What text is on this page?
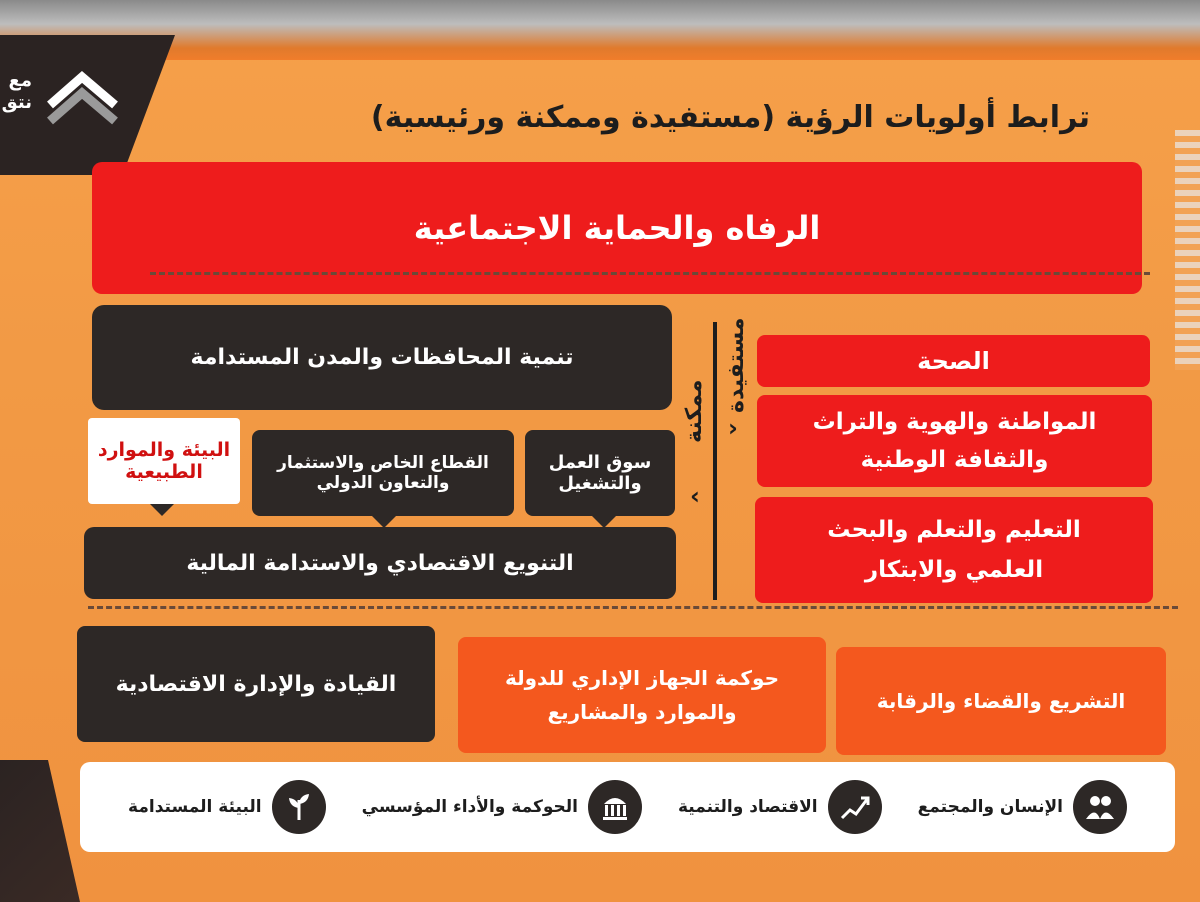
مع
نتق	ترابط أولويات الرؤية (مستفيدة وممكنة ورئيسية)
الرفاه والحماية الاجتماعية
تنمية المحافظات والمدن المستدامة
البيئة والموارد الطبيعية	القطاع الخاص والاستثمار والتعاون الدولي
سوق العمل والتشغيل
التنويع الاقتصادي والاستدامة المالية
مستفيدة
ممكنة ›
‹
الصحة
المواطنة والهوية والتراث والثقافة الوطنية
التعليم والتعلم والبحث العلمي والابتكار
القيادة والإدارة الاقتصادية	حوكمة الجهاز الإداري للدولة والموارد والمشاريع	التشريع والقضاء والرقابة
الإنسان والمجتمع
الاقتصاد والتنمية
الحوكمة والأداء المؤسسي
البيئة المستدامة
